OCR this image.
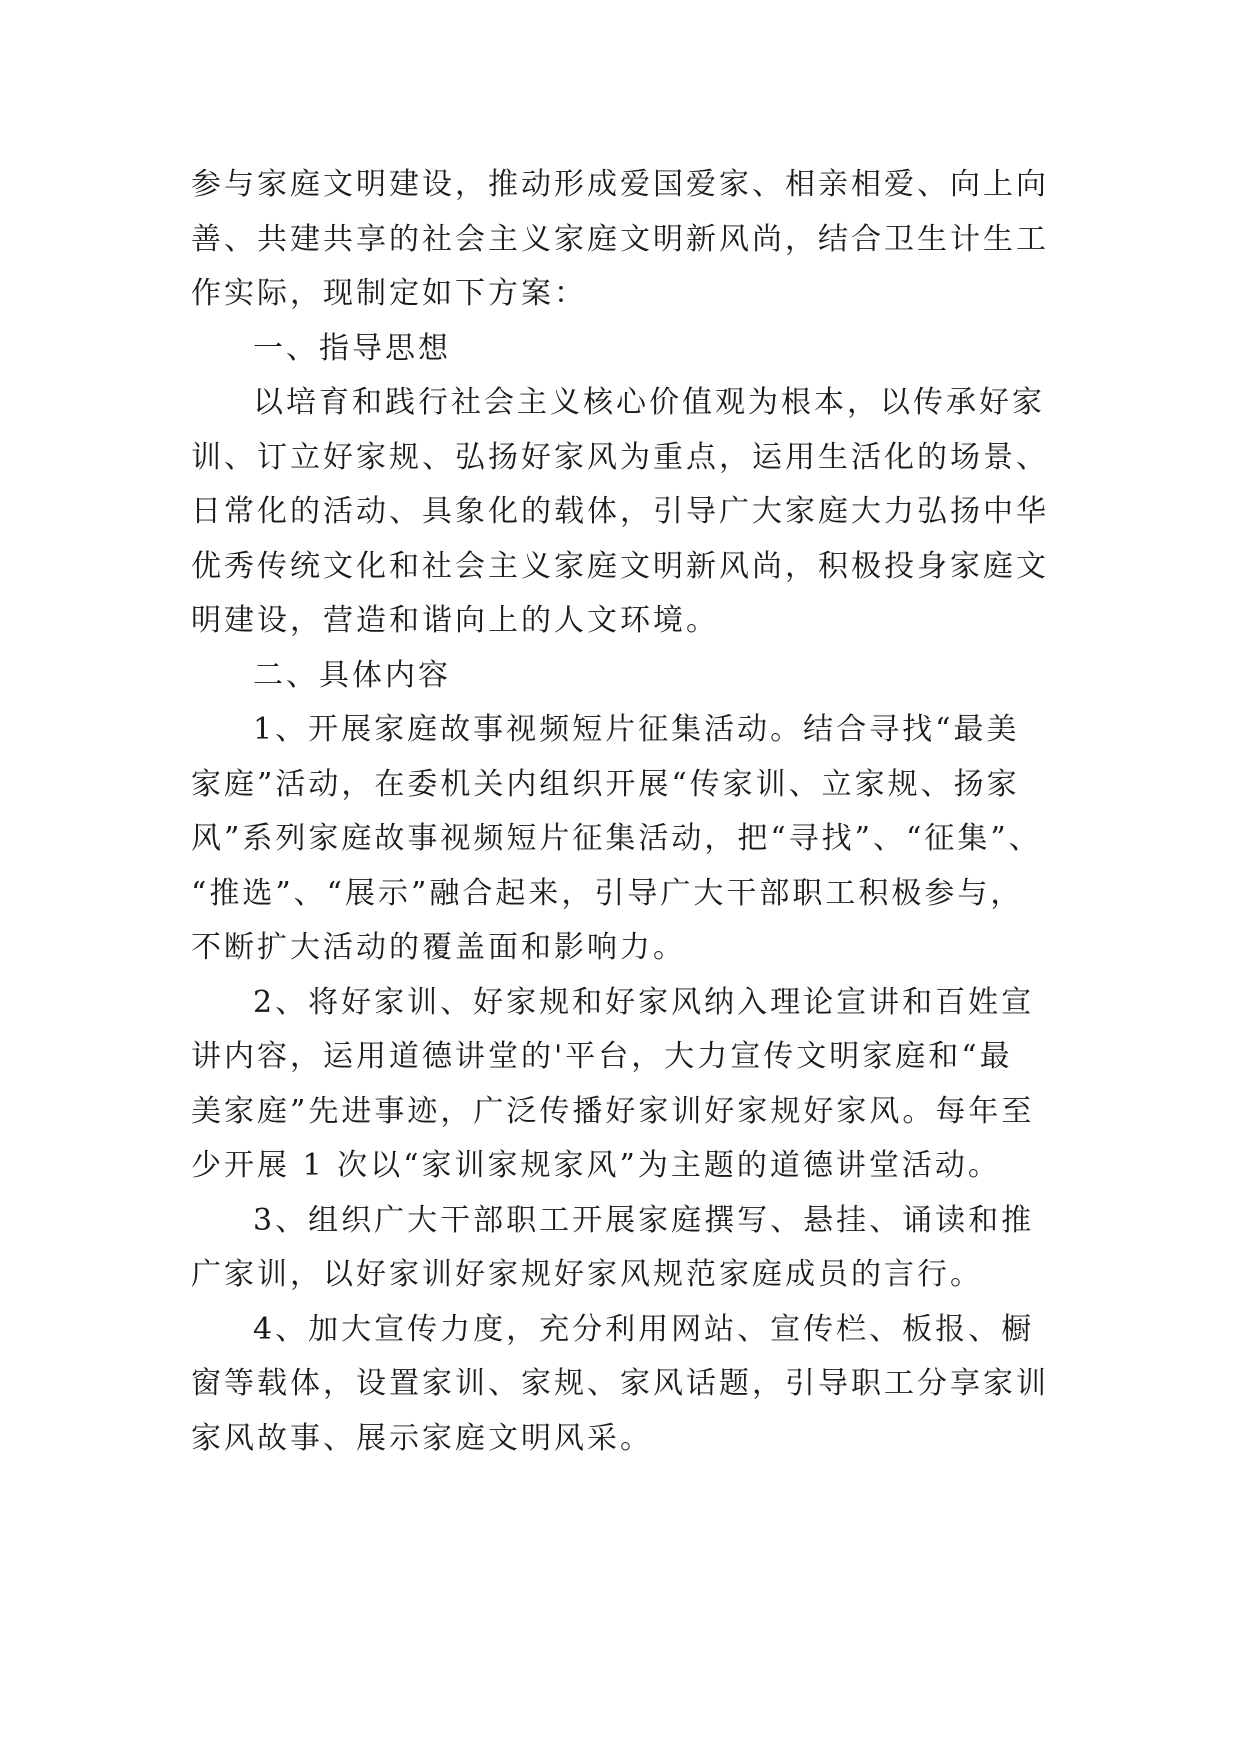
参与家庭文明建设，推动形成爱国爱家、相亲相爱、向上向
善、共建共享的社会主义家庭文明新风尚，结合卫生计生工
作实际，现制定如下方案：

一、指导思想

以培育和践行社会主义核心价值观为根本，以传承好家
训、订立好家规、弘扬好家风为重点，运用生活化的场景、
日常化的活动、具象化的载体，引导广大家庭大力弘扬中华
优秀传统文化和社会主义家庭文明新风尚，积极投身家庭文
明建设，营造和谐向上的人文环境。

二、具体内容

1、开展家庭故事视频短片征集活动。结合寻找“最美
家庭”活动，在委机关内组织开展“传家训、立家规、扬家
风”系列家庭故事视频短片征集活动，把“寻找”、“征集”、
“推选”、“展示”融合起来，引导广大干部职工积极参与，
不断扩大活动的覆盖面和影响力。

2、将好家训、好家规和好家风纳入理论宣讲和百姓宣
讲内容，运用道德讲堂的'平台，大力宣传文明家庭和“最
美家庭”先进事迹，广泛传播好家训好家规好家风。每年至
少开展 1 次以“家训家规家风”为主题的道德讲堂活动。

3、组织广大干部职工开展家庭撰写、悬挂、诵读和推
广家训，以好家训好家规好家风规范家庭成员的言行。

4、加大宣传力度，充分利用网站、宣传栏、板报、橱
窗等载体，设置家训、家规、家风话题，引导职工分享家训
家风故事、展示家庭文明风采。
